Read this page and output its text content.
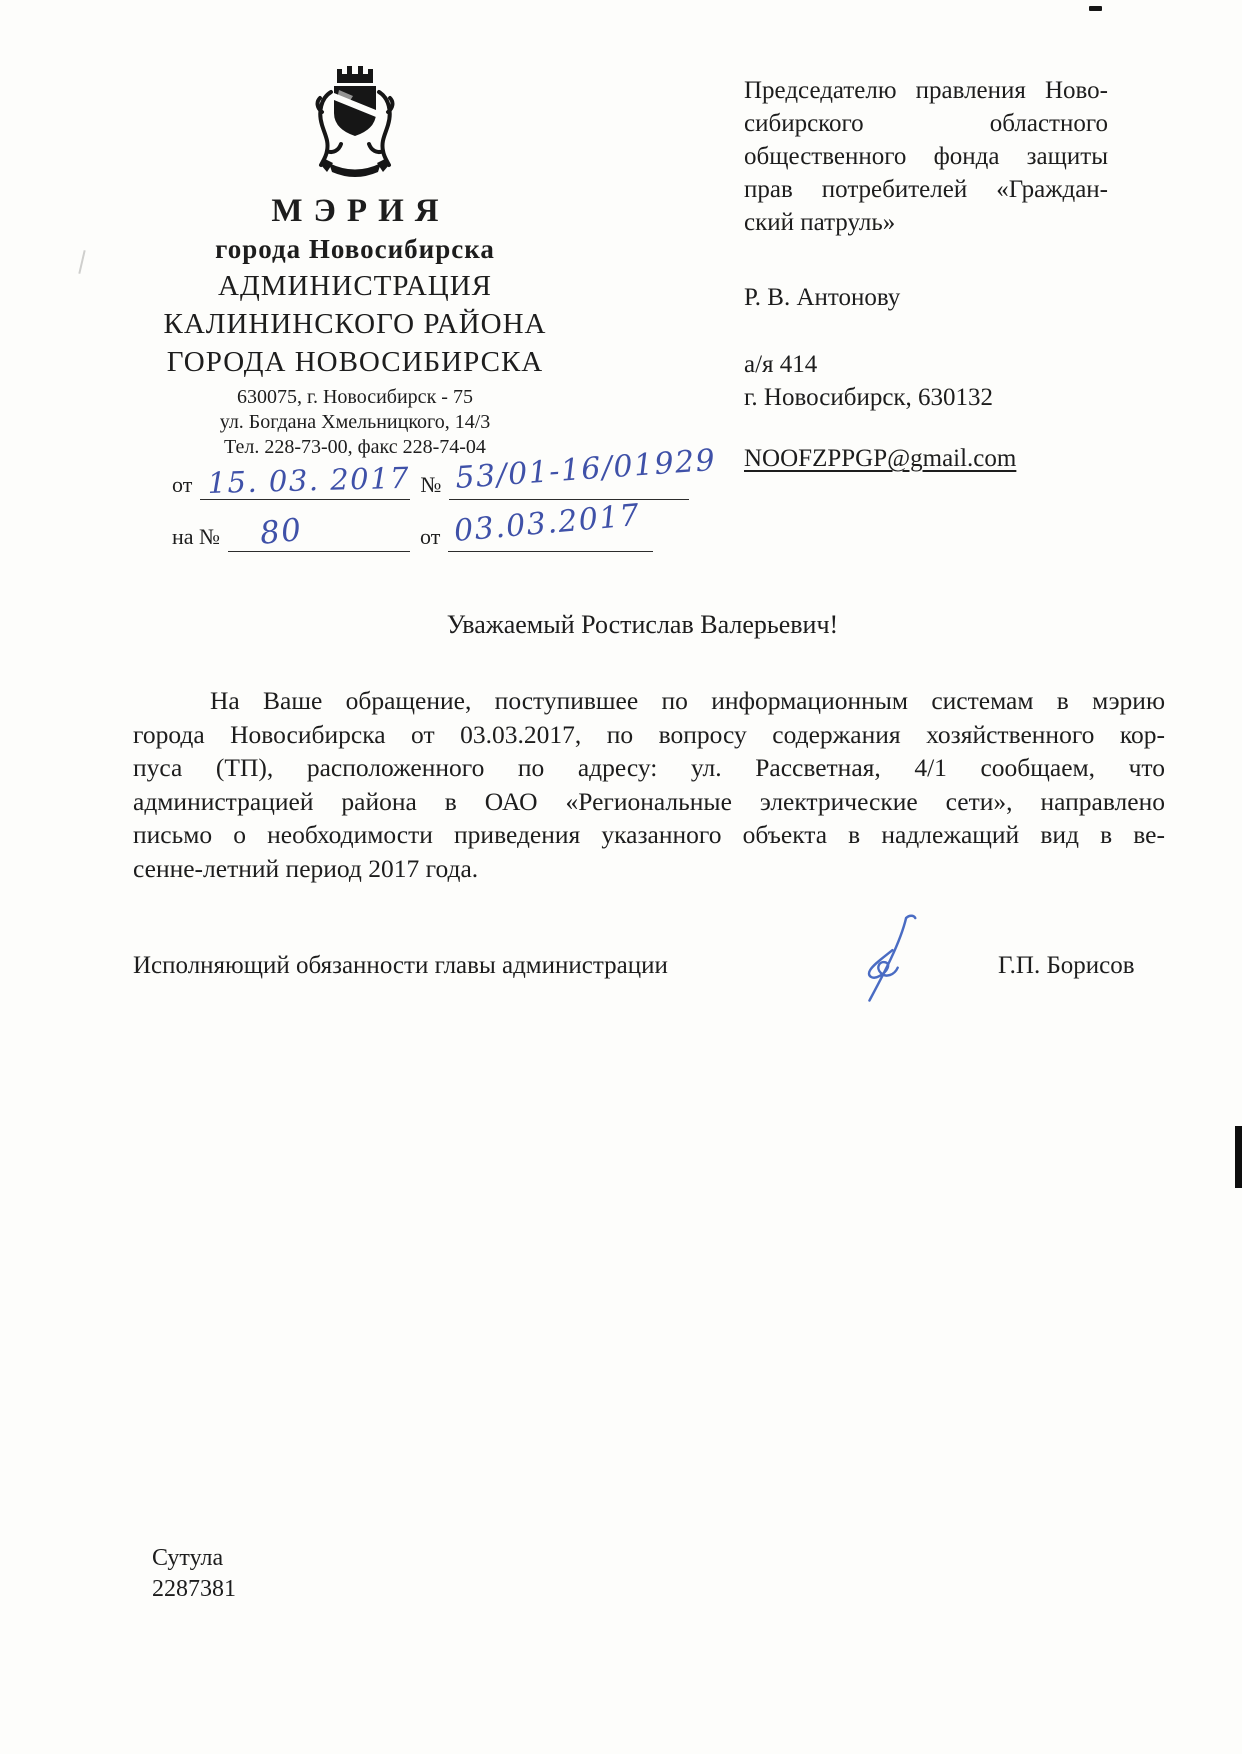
МЭРИЯ
города Новосибирска
АДМИНИСТРАЦИЯ
КАЛИНИНСКОГО РАЙОНА
ГОРОДА НОВОСИБИРСКА
630075, г. Новосибирск - 75
ул. Богдана Хмельницкого, 14/3
Тел. 228-73-00, факс 228-74-04
от 15. 03. 2017 № 53/01-16/01929
на № 80	от 03.03.2017
Председателю правления Ново-
сибирского областного
общественного фонда защиты
прав потребителей «Граждан-
ский патруль»
Р. В. Антонову
а/я 414
г. Новосибирск, 630132
NOOFZPPGP@gmail.com
Уважаемый Ростислав Валерьевич!
На Ваше обращение, поступившее по информационным системам в мэрию
города Новосибирска от 03.03.2017, по вопросу содержания хозяйственного кор-
пуса (ТП), расположенного по адресу: ул. Рассветная, 4/1 сообщаем, что
администрацией района в ОАО «Региональные электрические сети», направлено
письмо о необходимости приведения указанного объекта в надлежащий вид в ве-
сенне-летний период 2017 года.
Исполняющий обязанности главы администрации	Г.П. Борисов
Сутула
2287381
